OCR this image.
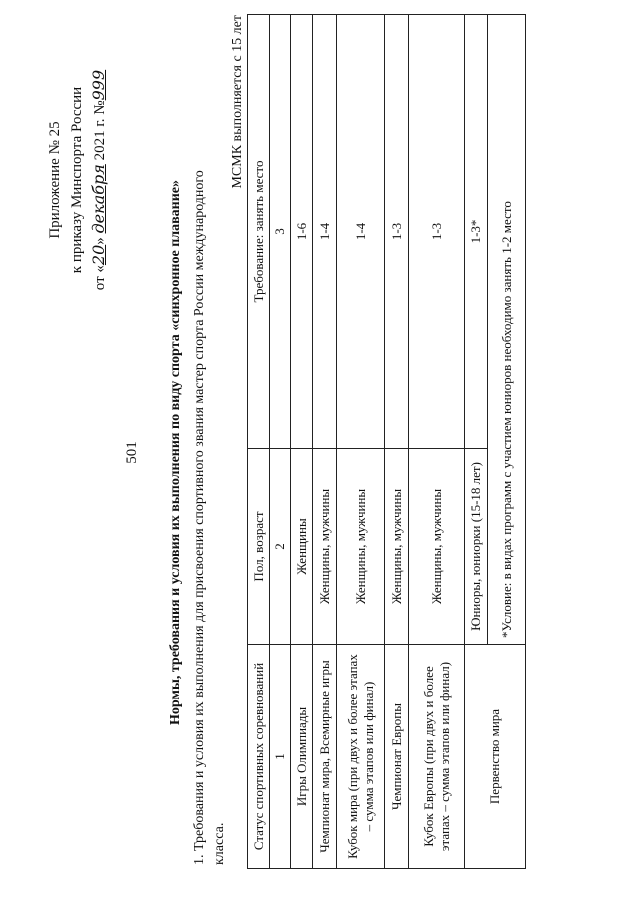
501
Приложение № 25 к приказу Минспорта России
от «20» декабря 2021 г. №999
Нормы, требования и условия их выполнения по виду спорта «синхронное плавание» 1. Требования и условия их выполнения для присвоения спортивного звания мастер спорта России международного класса.
МСМК выполняется с 15 лет
Статус спортивных соревнований	Пол, возраст	Требование: занять место
1	2	3
Игры Олимпиады	Женщины	1-6
Чемпионат мира, Всемирные игры	Женщины, мужчины	1-4
Кубок мира (при двух и более этапах – сумма этапов или финал)	Женщины, мужчины	1-4
Чемпионат Европы	Женщины, мужчины	1-3
Кубок Европы (при двух и более этапах – сумма этапов или финал)	Женщины, мужчины	1-3
Первенство мира	Юниоры, юниорки (15-18 лет)	1-3*
	*Условие: в видах программ с участием юниоров необходимо занять 1-2 место	
